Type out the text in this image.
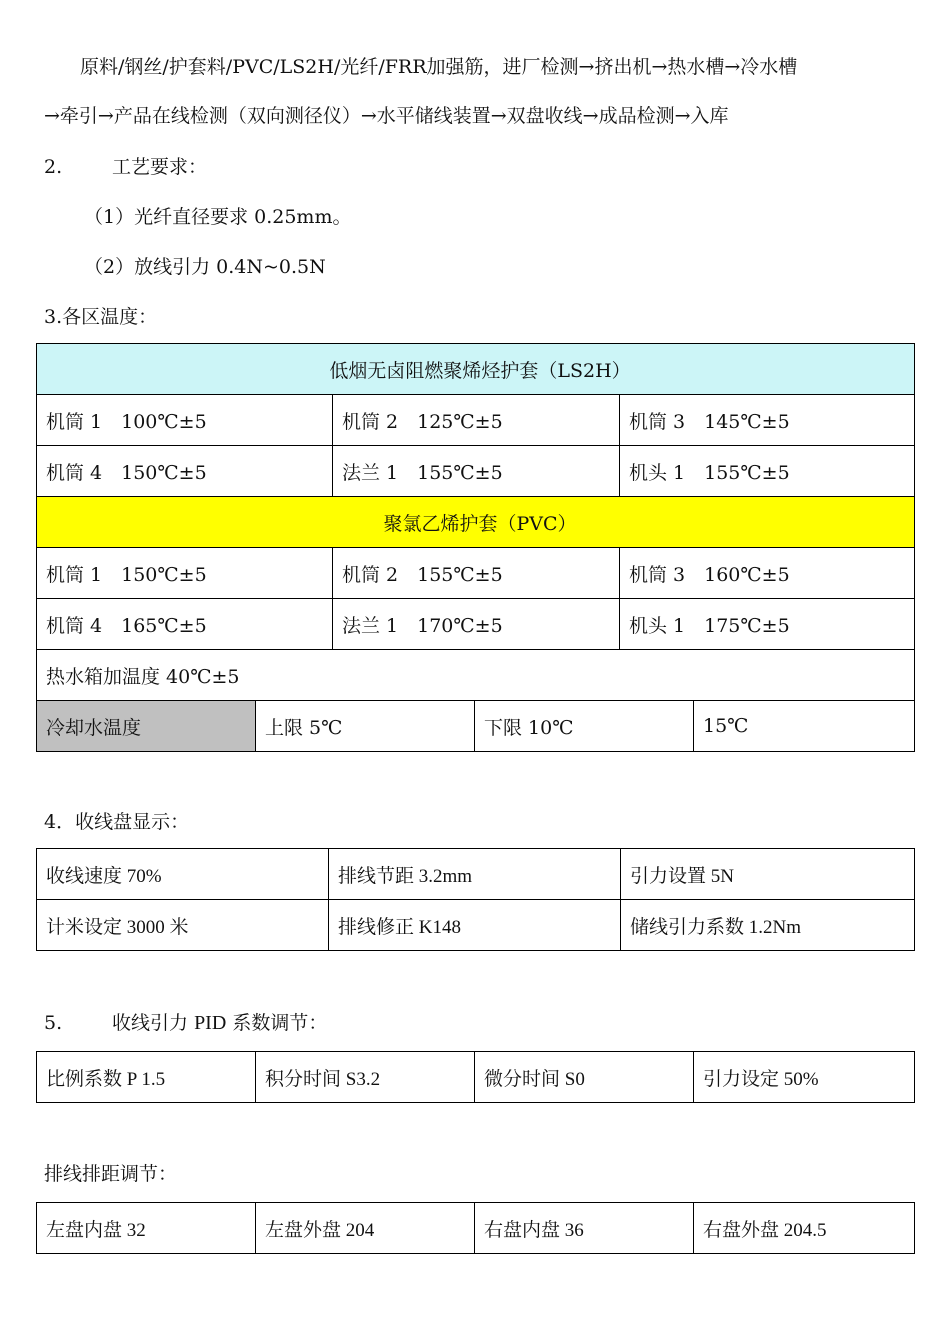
原料/钢丝/护套料/PVC/LS2H/光纤/FRR加强筋，进厂检测→挤出机→热水槽→冷水槽
→牵引→产品在线检测（双向测径仪）→水平储线装置→双盘收线→成品检测→入库
2.	工艺要求：
（1）光纤直径要求 0.25mm。
（2）放线引力 0.4N~0.5N
3.各区温度：
低烟无卤阻燃聚烯烃护套（LS2H）					
机筒 1　100℃±5		机筒 2　125℃±5		机筒 3　145℃±5	
机筒 4　150℃±5		法兰 1　155℃±5		机头 1　155℃±5	
聚氯乙烯护套（PVC）					
机筒 1　150℃±5		机筒 2　155℃±5		机筒 3　160℃±5	
机筒 4　165℃±5		法兰 1　170℃±5		机头 1　175℃±5	
热水箱加温度 40℃±5					
冷却水温度	上限 5℃		下限 10℃		15℃
4．收线盘显示：
收线速度 70%	排线节距 3.2mm	引力设置 5N
计米设定 3000 米	排线修正 K148	储线引力系数 1.2Nm
5.	收线引力 PID 系数调节：
比例系数 P 1.5	积分时间 S3.2	微分时间 S0	引力设定 50%
排线排距调节：
左盘内盘 32	左盘外盘 204	右盘内盘 36	右盘外盘 204.5
